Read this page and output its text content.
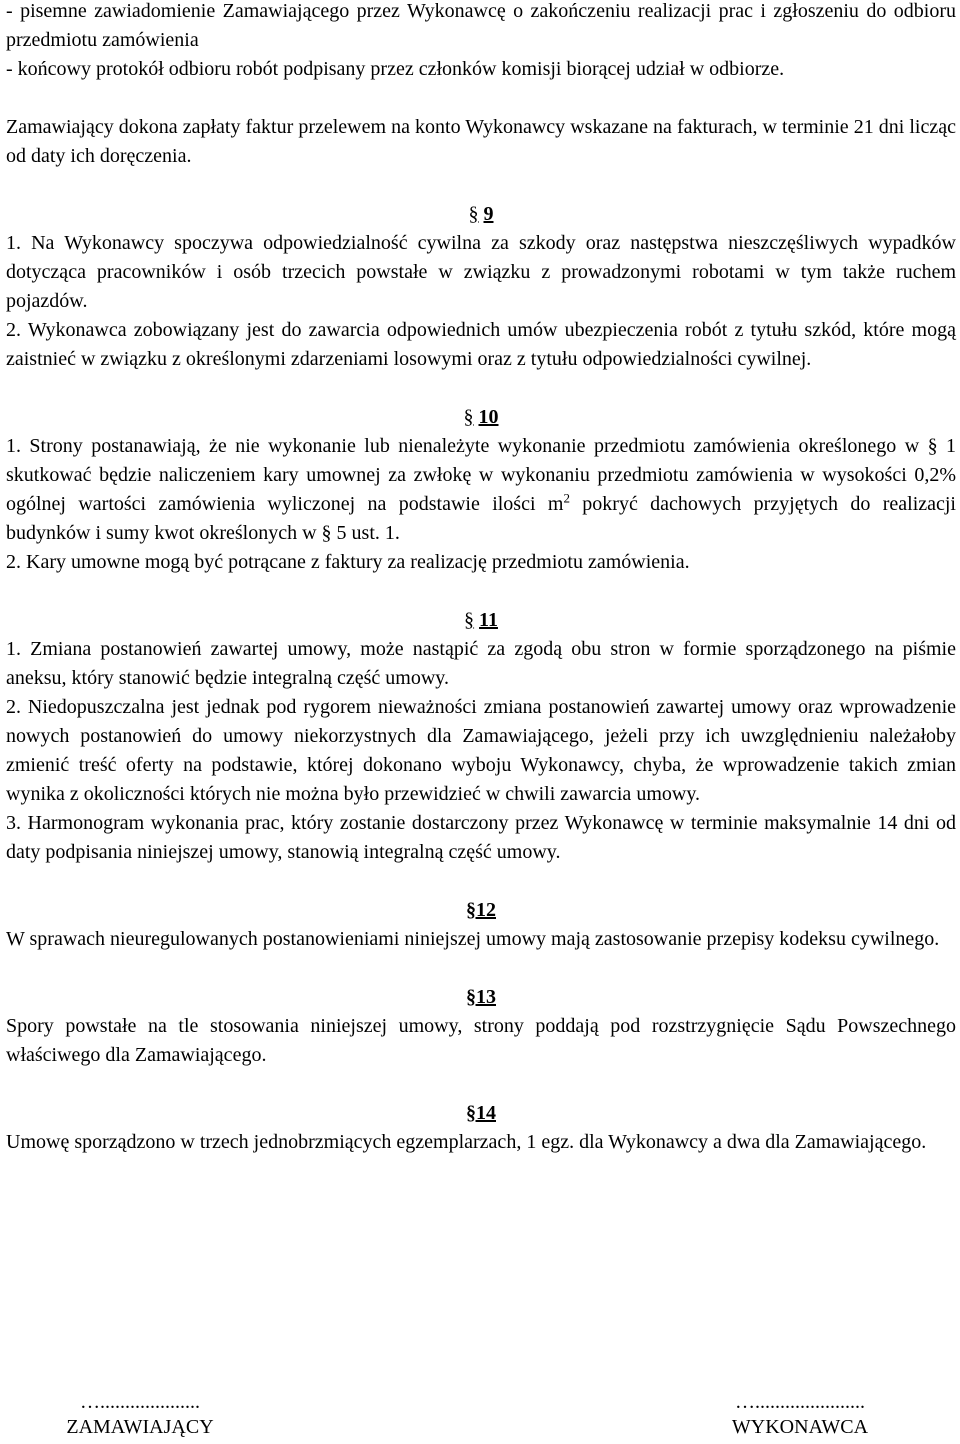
- pisemne zawiadomienie Zamawiającego przez Wykonawcę o zakończeniu realizacji prac i zgłoszeniu do odbioru przedmiotu zamówienia

- końcowy protokół odbioru robót podpisany przez członków komisji biorącej udział w odbiorze.

Zamawiający dokona zapłaty faktur przelewem na konto Wykonawcy wskazane na fakturach, w terminie 21 dni licząc od daty ich doręczenia.

§ 9

1. Na Wykonawcy spoczywa odpowiedzialność cywilna za szkody oraz następstwa nieszczęśliwych wypadków dotycząca pracowników i osób trzecich powstałe w związku z prowadzonymi robotami w tym także ruchem pojazdów.

2. Wykonawca zobowiązany jest do zawarcia odpowiednich umów ubezpieczenia robót z tytułu szkód, które mogą zaistnieć w związku z określonymi zdarzeniami losowymi oraz z tytułu odpowiedzialności cywilnej.

§ 10

1. Strony postanawiają, że nie wykonanie lub nienależyte wykonanie przedmiotu zamówienia określonego w § 1 skutkować będzie naliczeniem kary umownej za zwłokę w wykonaniu przedmiotu zamówienia w wysokości 0,2% ogólnej wartości zamówienia wyliczonej na podstawie ilości $m^2$ pokryć dachowych przyjętych do realizacji budynków i sumy kwot określonych w § 5 ust. 1.

2. Kary umowne mogą być potrącane z faktury za realizację przedmiotu zamówienia.

§ 11

1. Zmiana postanowień zawartej umowy, może nastąpić za zgodą obu stron w formie sporządzonego na piśmie aneksu, który stanowić będzie integralną część umowy.

2. Niedopuszczalna jest jednak pod rygorem nieważności zmiana postanowień zawartej umowy oraz wprowadzenie nowych postanowień do umowy niekorzystnych dla Zamawiającego, jeżeli przy ich uwzględnieniu należałoby zmienić treść oferty na podstawie, której dokonano wyboju Wykonawcy, chyba, że wprowadzenie takich zmian wynika z okoliczności których nie można było przewidzieć w chwili zawarcia umowy.

3. Harmonogram wykonania prac, który zostanie dostarczony przez Wykonawcę w terminie maksymalnie 14 dni od daty podpisania niniejszej umowy, stanowią integralną część umowy.

§12

W sprawach nieuregulowanych postanowieniami niniejszej umowy mają zastosowanie przepisy kodeksu cywilnego.

§13

Spory powstałe na tle stosowania niniejszej umowy, strony poddają pod rozstrzygnięcie Sądu Powszechnego właściwego dla Zamawiającego.

§14

Umowę sporządzono w trzech jednobrzmiących egzemplarzach, 1 egz. dla Wykonawcy a dwa dla Zamawiającego.

…....................	…......................
ZAMAWIAJĄCY	WYKONAWCA
